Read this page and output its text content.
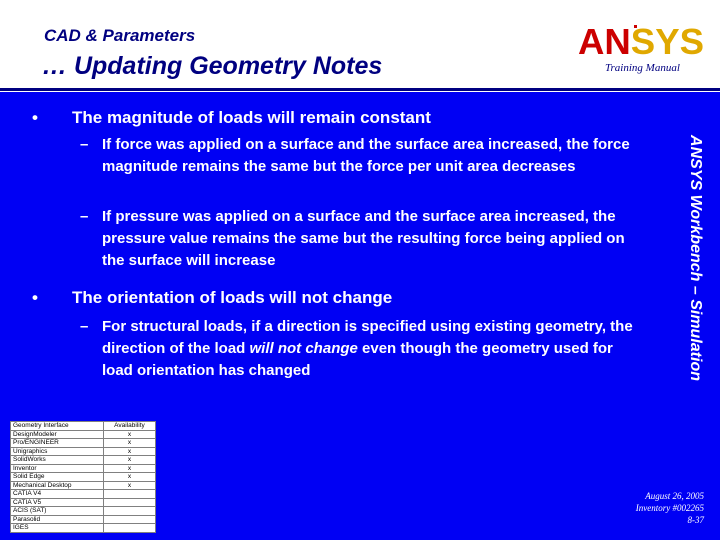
CAD & Parameters
… Updating Geometry Notes
ANSYS
Training Manual
• The magnitude of loads will remain constant
– If force was applied on a surface and the surface area increased, the force magnitude remains the same but the force per unit area decreases
– If pressure was applied on a surface and the surface area increased, the pressure value remains the same but the resulting force being applied on the surface will increase
• The orientation of loads will not change
– For structural loads, if a direction is specified using existing geometry, the direction of the load will not change even though the geometry used for load orientation has changed	ANSYS Workbench – Simulation
Geometry Interface	Availability
DesignModeler	x
Pro/ENGINEER	x
Unigraphics	x
SolidWorks	x
Inventor	x
Solid Edge	x
Mechanical Desktop	x
CATIA V4	
CATIA V5	
ACIS (SAT)	
Parasolid	
IGES	
August 26, 2005
Inventory #002265
8-37
